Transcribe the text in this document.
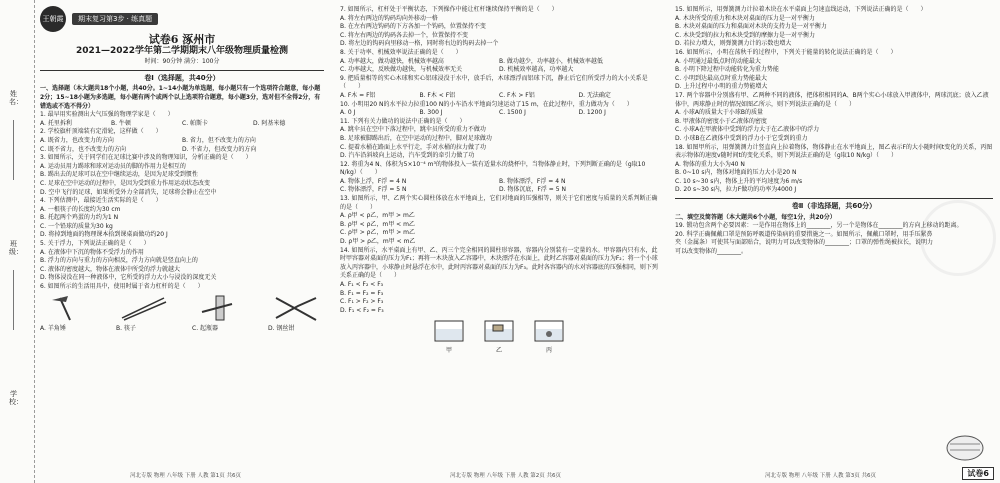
姓名：
班级：
学校：
王朝霞	期末复习第3步 · 练真题
试卷6 涿州市
2021—2022学年第二学期期末八年级物理质量检测
时间：90分钟 满分：100分
卷Ⅰ（选择题，共40分）

一、选择题（本大题共18个小题，共40分。1~14小题为单选题，每小题只有一个选项符合题意，每小题2分；15~18小题为多选题，每小题有两个或两个以上选项符合题意，每小题3分，选对但不全得2分，有错选或不选不得分）

1. 最早用实验测出大气压强的物理学家是（　　）

A. 托里拆利	B. 牛顿	C. 帕斯卡	D. 阿基米德

2. 学校旗杆顶端装有定滑轮，这样做（　　）

A. 既省力，也改变力的方向	B. 省力，但不改变力的方向
C. 既不省力，也不改变力的方向	D. 不省力，但改变力的方向

3. 如图所示，关于同学们在足球比赛中涉及的物理知识，分析正确的是（　　）

A. 运动员用力踢球和球对运动员的脚的作用力是相互的
B. 踢出去的足球可以在空中继续运动，是因为足球受到惯性
C. 足球在空中运动的过程中，是因为受到重力作用运动状态改变
D. 空中飞行的足球，如果所受外力全部消失，足球将会静止在空中

4. 下列估测中，最接近生活实际的是（　　）

A. 一根筷子的长度约为30 cm
B. 托起两个鸡蛋的力约为1 N
C. 一个铅球的质量为30 kg
D. 将掉到地面的物理课本拾到课桌面做功约20 J

5. 关于浮力，下列说法正确的是（　　）

A. 在液体中下沉的物体不受浮力的作用
B. 浮力的方向与重力的方向相反，浮力方向就是竖直向上的
C. 液体的密度越大，物体在液体中所受的浮力就越大
D. 物体浸没在同一种液体中，它所受的浮力大小与浸没的深度无关

6. 如图所示的生活用具中，使用时属于省力杠杆的是（　　）

A. 羊角锤	B. 筷子	C. 起瓶器	D. 钢丝钳
河北专版 物理 八年级 下册 人教 第1页 共6页

7. 如图所示，杠杆处于平衡状态，下列操作中能让杠杆继续保持平衡的是（　　）

A. 将左右两边的钩码均向外移动一格
B. 在左右两边钩码的下方各加一个钩码，位置保持不变
C. 将左右两边的钩码各去掉一个，位置保持不变
D. 将左边的钩码向里移动一格，同时将右边的钩码去掉一个

8. 关于功率、机械效率说法正确的是（　　）

A. 功率越大，做功越快，机械效率越高	B. 做功越少，功率越小，机械效率越低
C. 功率越大，反映做功越快，与机械效率无关	D. 机械效率越高，功率越大

9. 把质量相等的实心木球和实心铝球浸没于水中，放手后，木球漂浮而铝球下沉，静止后它们所受浮力的大小关系是（　　）

A. F木 = F铝	B. F木 < F铝	C. F木 > F铝	D. 无法确定

10. 小明用20 N的水平拉力拉重100 N的小车沿水平地面匀速运动了15 m，在此过程中，重力做功为（　　）

A. 0 J	B. 300 J	C. 1500 J	D. 1200 J

11. 下列有关力做功的说法中正确的是（　　）

A. 跳伞员在空中下落过程中，跳伞员所受的重力不做功
B. 足球被脚踢出后，在空中运动的过程中，脚对足球做功
C. 提着水桶在路面上水平行走，手对水桶的拉力做了功
D. 汽车沿斜坡向上运动，汽车受到的牵引力做了功

12. 将重为4 N、体积为5×10⁻⁴ m³的物体投入一装有适量水的烧杯中，当物体静止时，下列判断正确的是（g取10 N/kg）（　　）

A. 物体上浮，F浮 = 4 N	B. 物体漂浮，F浮 = 4 N
C. 物体漂浮，F浮 = 5 N	D. 物体沉底，F浮 = 5 N

13. 如图所示，甲、乙两个实心圆柱体放在水平地面上，它们对地面的压强相等，则关于它们密度与质量的关系判断正确的是（　　）

A. ρ甲 < ρ乙，m甲 > m乙
B. ρ甲 < ρ乙，m甲 < m乙
C. ρ甲 > ρ乙，m甲 > m乙
D. ρ甲 > ρ乙，m甲 < m乙

14. 如图所示，水平桌面上有甲、乙、丙三个完全相同的圆柱形容器，容器内分别装有一定量的水。甲容器内只有水，此时甲容器对桌面的压力为F₁；再将一木块放入乙容器中，木块漂浮在水面上，此时乙容器对桌面的压力为F₂；将一个小球放入丙容器中，小球静止时悬浮在水中，此时丙容器对桌面的压力为F₃。此时各容器内的水对容器底的压强相同，则下列关系正确的是（　　）

A. F₁ < F₂ < F₃
B. F₁ = F₂ = F₃
C. F₁ > F₂ > F₃
D. F₁ < F₂ = F₃
甲	乙	丙
河北专版 物理 八年级 下册 人教 第2页 共6页

15. 如图所示，用弹簧测力计拉着木块在水平桌面上匀速直线运动，下列说法正确的是（　　）

A. 木块所受的重力和木块对桌面的压力是一对平衡力
B. 木块对桌面的压力和桌面对木块的支持力是一对平衡力
C. 木块受到的拉力和木块受到的摩擦力是一对平衡力
D. 若拉力增大，则弹簧测力计的示数也增大

16. 如图所示，小明在荡秋千的过程中，下列关于能量的转化说法正确的是（　　）

A. 小明通过最低点时的动能最大
B. 小明下降过程中动能转化为重力势能
C. 小明到达最高点时重力势能最大
D. 上升过程中小明的重力势能增大

17. 两个容器中分别盛有甲、乙两种不同的液体，把体积相同的A、B两个实心小球放入甲液体中，两球沉底；放入乙液体中，两球静止时的情况如图乙所示，则下列说法正确的是（　　）

A. 小球A的质量大于小球B的质量
B. 甲液体的密度小于乙液体的密度
C. 小球A在甲液体中受到的浮力大于在乙液体中的浮力
D. 小球B在乙液体中受到的浮力小于它受到的重力

18. 如图甲所示，用弹簧测力计竖直向上拉着物体，物体静止在水平地面上，图乙表示F的大小随时间t变化的关系，丙图表示物体的速度v随时间t的变化关系，则下列说法正确的是（g取10 N/kg）（　　）

A. 物体的重力大小为40 N
B. 0~10 s内，物体对地面的压力大小是20 N
C. 10 s~30 s内，物体上升的平均速度为6 m/s
D. 20 s~30 s内，拉力F做功的功率为4000 J
卷Ⅱ（非选择题，共60分）

二、填空及简答题（本大题共6个小题，每空1分，共20分）

19. 锻功包含两个必要因素：一是作用在物体上的________，另一个是物体在________的方向上移动的距离。

20. 科学正确佩戴口罩是预防呼吸道传染病的重要措施之一。如图所示，佩戴口罩时，用手压紧鼻夹（金属条）可使其与面部贴合，说明力可以改变物体的________；口罩的弹性绳被拉长，说明力可以改变物体的________。

河北专版 物理 八年级 下册 人教 第3页 共6页	试卷6
